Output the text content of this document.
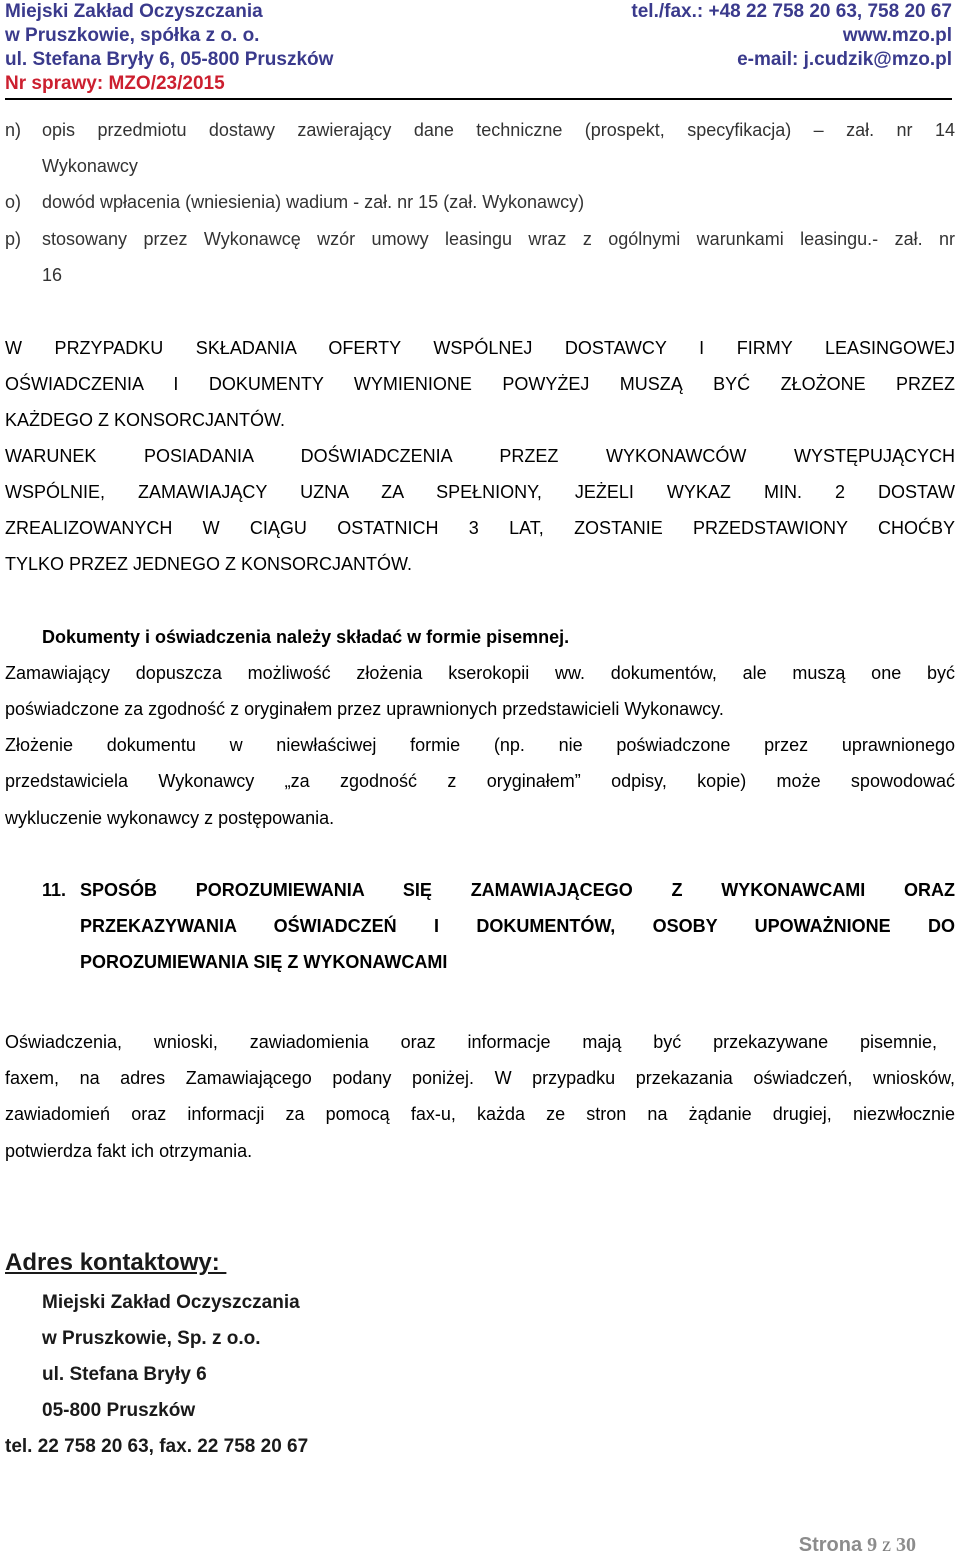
Miejski Zakład Oczyszczania	tel./fax.: +48 22 758 20 63, 758 20 67
w Pruszkowie, spółka z o. o.	www.mzo.pl
ul. Stefana Bryły 6, 05-800 Pruszków	e-mail: j.cudzik@mzo.pl
Nr sprawy: MZO/23/2015
n) opis przedmiotu dostawy zawierający dane techniczne (prospekt, specyfikacja) – zał. nr 14
Wykonawcy
o) dowód wpłacenia (wniesienia) wadium - zał. nr 15 (zał. Wykonawcy)
p) stosowany przez Wykonawcę wzór umowy leasingu wraz z ogólnymi warunkami leasingu.- zał. nr
16
W PRZYPADKU SKŁADANIA OFERTY WSPÓLNEJ DOSTAWCY I FIRMY LEASINGOWEJ
OŚWIADCZENIA I DOKUMENTY WYMIENIONE POWYŻEJ MUSZĄ BYĆ ZŁOŻONE PRZEZ
KAŻDEGO Z KONSORCJANTÓW.
WARUNEK POSIADANIA DOŚWIADCZENIA PRZEZ WYKONAWCÓW WYSTĘPUJĄCYCH
WSPÓLNIE, ZAMAWIAJĄCY UZNA ZA SPEŁNIONY, JEŻELI WYKAZ MIN. 2 DOSTAW
ZREALIZOWANYCH W CIĄGU OSTATNICH 3 LAT, ZOSTANIE PRZEDSTAWIONY CHOĆBY
TYLKO PRZEZ JEDNEGO Z KONSORCJANTÓW.
Dokumenty i oświadczenia należy składać w formie pisemnej.
Zamawiający dopuszcza możliwość złożenia kserokopii ww. dokumentów, ale muszą one być
poświadczone za zgodność z oryginałem przez uprawnionych przedstawicieli Wykonawcy.
Złożenie dokumentu w niewłaściwej formie (np. nie poświadczone przez uprawnionego
przedstawiciela Wykonawcy „za zgodność z oryginałem” odpisy, kopie) może spowodować
wykluczenie wykonawcy z postępowania.
11. SPOSÓB POROZUMIEWANIA SIĘ ZAMAWIAJĄCEGO Z WYKONAWCAMI ORAZ
PRZEKAZYWANIA OŚWIADCZEŃ I DOKUMENTÓW, OSOBY UPOWAŻNIONE DO
POROZUMIEWANIA SIĘ Z WYKONAWCAMI
Oświadczenia, wnioski, zawiadomienia oraz informacje mają być przekazywane pisemnie,
faxem, na adres Zamawiającego podany poniżej. W przypadku przekazania oświadczeń, wniosków,
zawiadomień oraz informacji za pomocą fax-u, każda ze stron na żądanie drugiej, niezwłocznie
potwierdza fakt ich otrzymania.
Adres kontaktowy:
Miejski Zakład Oczyszczania
w Pruszkowie, Sp. z o.o.
ul. Stefana Bryły 6
05-800 Pruszków
tel. 22 758 20 63, fax. 22 758 20 67
Strona 9 z 30
